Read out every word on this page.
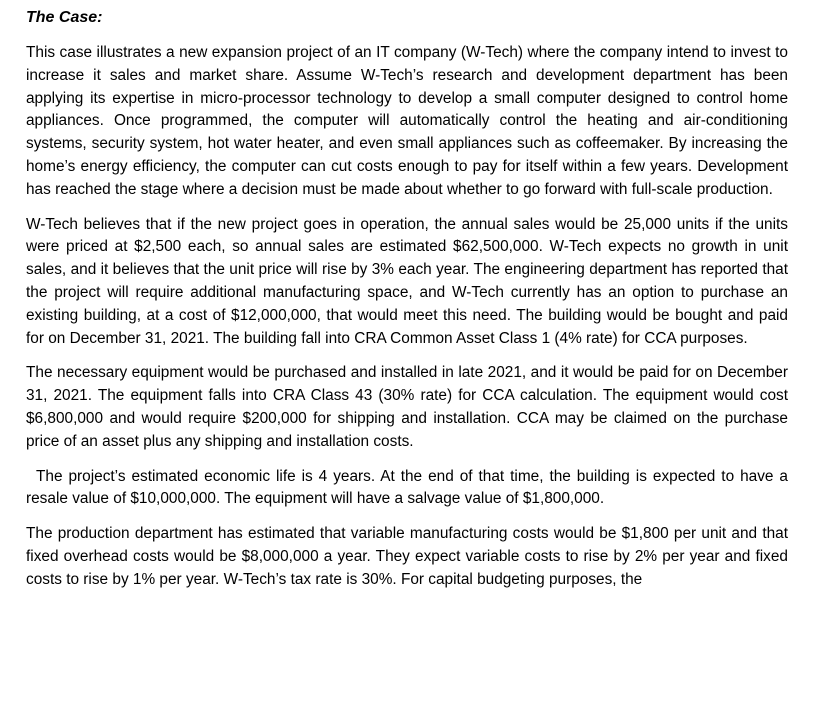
The Case:

This case illustrates a new expansion project of an IT company (W-Tech) where the company intend to invest to increase it sales and market share. Assume W-Tech’s research and development department has been applying its expertise in micro-processor technology to develop a small computer designed to control home appliances. Once programmed, the computer will automatically control the heating and air-conditioning systems, security system, hot water heater, and even small appliances such as coffeemaker. By increasing the home’s energy efficiency, the computer can cut costs enough to pay for itself within a few years. Development has reached the stage where a decision must be made about whether to go forward with full-scale production.

W-Tech believes that if the new project goes in operation, the annual sales would be 25,000 units if the units were priced at $2,500 each, so annual sales are estimated $62,500,000. W-Tech expects no growth in unit sales, and it believes that the unit price will rise by 3% each year. The engineering department has reported that the project will require additional manufacturing space, and W-Tech currently has an option to purchase an existing building, at a cost of $12,000,000, that would meet this need. The building would be bought and paid for on December 31, 2021. The building fall into CRA Common Asset Class 1 (4% rate) for CCA purposes.

The necessary equipment would be purchased and installed in late 2021, and it would be paid for on December 31, 2021. The equipment falls into CRA Class 43 (30% rate) for CCA calculation. The equipment would cost $6,800,000 and would require $200,000 for shipping and installation. CCA may be claimed on the purchase price of an asset plus any shipping and installation costs.

The project’s estimated economic life is 4 years. At the end of that time, the building is expected to have a resale value of $10,000,000. The equipment will have a salvage value of $1,800,000.

The production department has estimated that variable manufacturing costs would be $1,800 per unit and that fixed overhead costs would be $8,000,000 a year. They expect variable costs to rise by 2% per year and fixed costs to rise by 1% per year. W-Tech’s tax rate is 30%. For capital budgeting purposes, the
